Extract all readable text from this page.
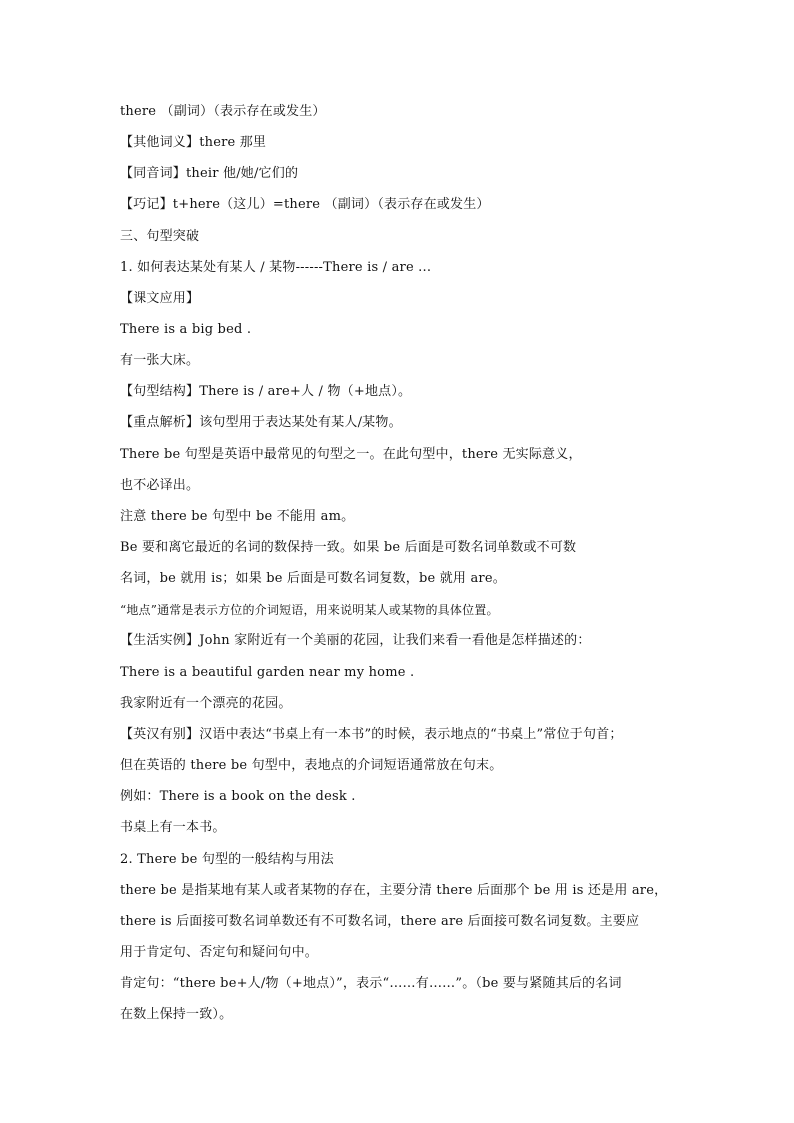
there （副词）（表示存在或发生）
【其他词义】there 那里
【同音词】their 他/她/它们的
【巧记】t+here（这儿）=there （副词）（表示存在或发生）
三、句型突破
1. 如何表达某处有某人 / 某物------There is / are ...
【课文应用】
There is a big bed .
有一张大床。
【句型结构】There is / are+人 / 物（+地点）。
【重点解析】该句型用于表达某处有某人/某物。
There be 句型是英语中最常见的句型之一。在此句型中，there 无实际意义，
也不必译出。
注意 there be 句型中 be 不能用 am。
Be 要和离它最近的名词的数保持一致。如果 be 后面是可数名词单数或不可数
名词，be 就用 is；如果 be 后面是可数名词复数，be 就用 are。
“地点”通常是表示方位的介词短语，用来说明某人或某物的具体位置。
【生活实例】John 家附近有一个美丽的花园，让我们来看一看他是怎样描述的：
There is a beautiful garden near my home .
我家附近有一个漂亮的花园。
【英汉有别】汉语中表达“书桌上有一本书”的时候，表示地点的“书桌上”常位于句首；
但在英语的 there be 句型中，表地点的介词短语通常放在句末。
例如：There is a book on the desk .
书桌上有一本书。
2. There be 句型的一般结构与用法
there be 是指某地有某人或者某物的存在，主要分清 there 后面那个 be 用 is 还是用 are，
there is 后面接可数名词单数还有不可数名词，there are 后面接可数名词复数。主要应
用于肯定句、否定句和疑问句中。
肯定句：“there be+人/物（+地点）”，表示“……有……”。（be 要与紧随其后的名词
在数上保持一致）。
